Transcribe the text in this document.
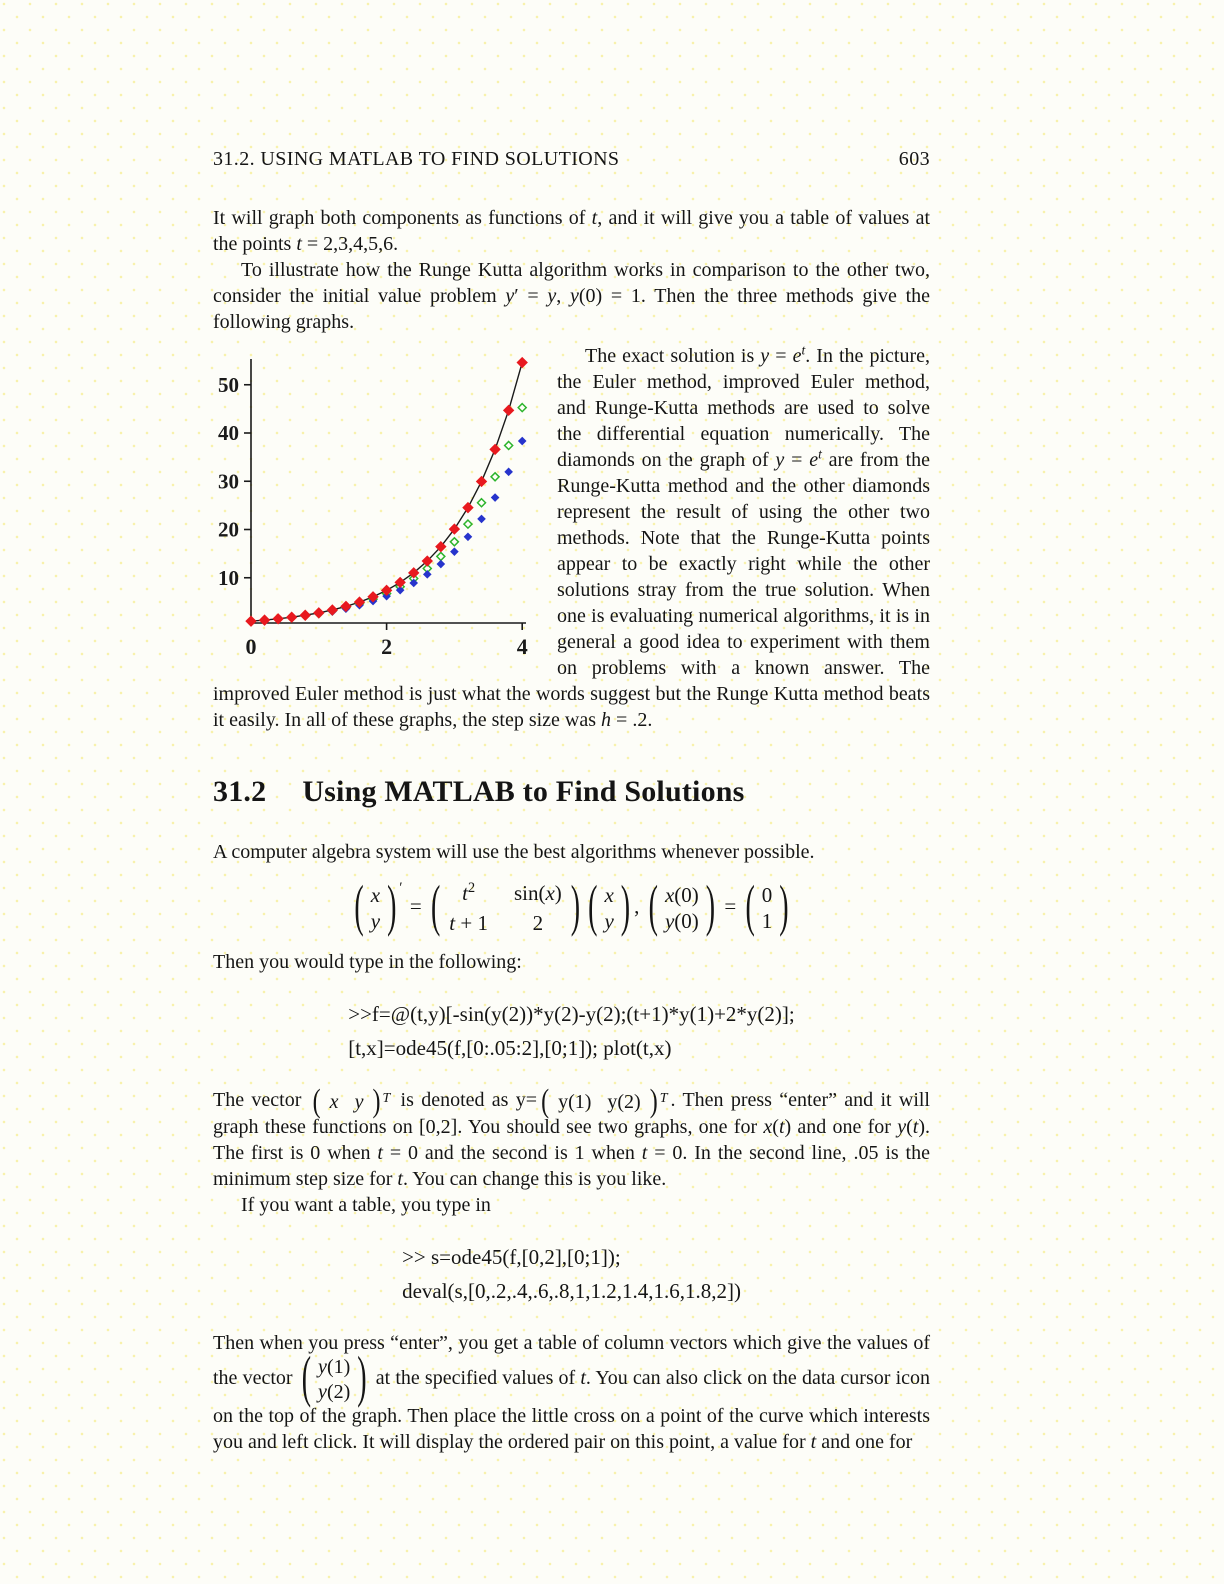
31.2. USING MATLAB TO FIND SOLUTIONS	603

It will graph both components as functions of t, and it will give you a table of values at the points t = 2,3,4,5,6.

To illustrate how the Runge Kutta algorithm works in comparison to the other two, consider the initial value problem y′ = y, y(0) = 1. Then the three methods give the following graphs.

10
20
30
40
50
0	2	4

The exact solution is $y = e^t$. In the picture, the Euler method, improved Euler method, and Runge-Kutta methods are used to solve the differential equation numerically. The diamonds on the graph of $y = e^t$ are from the Runge-Kutta method and the other diamonds represent the result of using the other two methods. Note that the Runge-Kutta points appear to be exactly right while the other solutions stray from the true solution. When one is evaluating numerical algorithms, it is in general a good idea to experiment with them on problems with a known answer. The improved Euler method is just what the words suggest but the Runge Kutta method beats it easily. In all of these graphs, the step size was h = .2.

31.2 Using MATLAB to Find Solutions

A computer algebra system will use the best algorithms whenever possible.

( x
y ) ′
= ( $t^2$ sin(x)
t + 1 2 ) ( x
y ) , ( x(0)
y(0) ) = ( 0
1 )

Then you would type in the following:

>>f=@(t,y)[-sin(y(2))*y(2)-y(2);(t+1)*y(1)+2*y(2)];
[t,x]=ode45(f,[0:.05:2],[0;1]); plot(t,x)

The vector ( x y ) T is denoted as y= ( y(1) y(2) ) T . Then press “enter” and it will graph these functions on [0,2]. You should see two graphs, one for x(t) and one for y(t). The first is 0 when t = 0 and the second is 1 when t = 0. In the second line, .05 is the minimum step size for t. You can change this is you like.

If you want a table, you type in

>> s=ode45(f,[0,2],[0;1]);
deval(s,[0,.2,.4,.6,.8,1,1.2,1.4,1.6,1.8,2])

Then when you press “enter”, you get a table of column vectors which give the values of the vector ( y(1)
y(2) ) at the specified values of t. You can also click on the data cursor icon on the top of the graph. Then place the little cross on a point of the curve which interests you and left click. It will display the ordered pair on this point, a value for t and one for
